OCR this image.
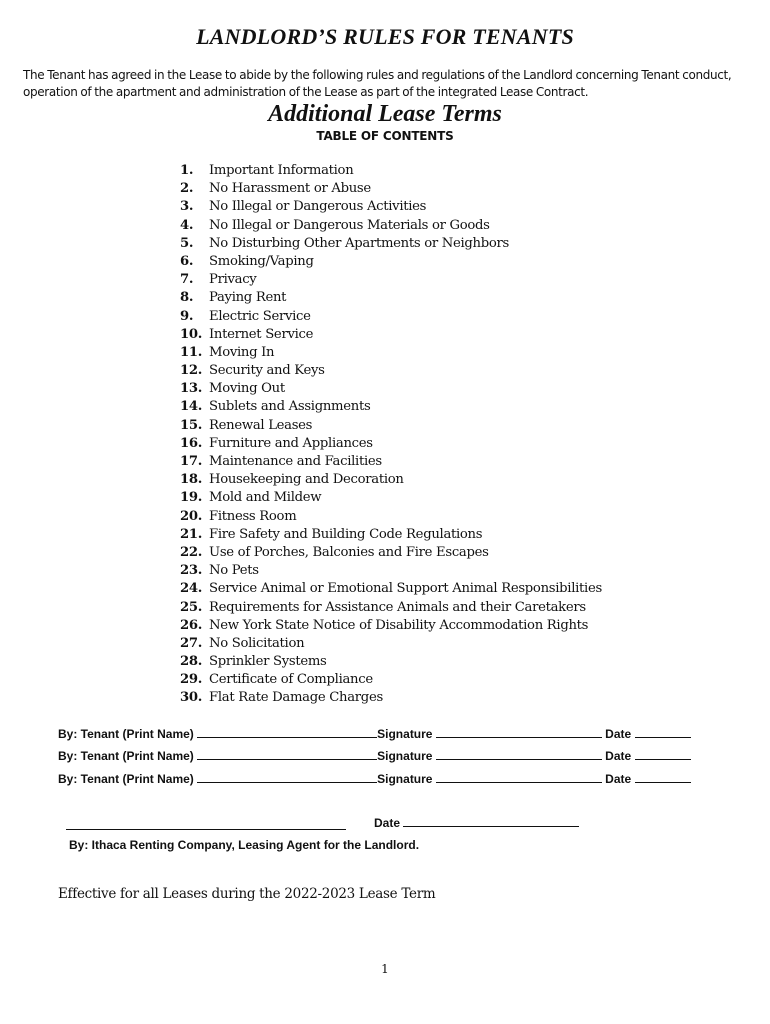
LANDLORD’S RULES FOR TENANTS
The Tenant has agreed in the Lease to abide by the following rules and regulations of the Landlord concerning Tenant conduct, operation of the apartment and administration of the Lease as part of the integrated Lease Contract.
Additional Lease Terms
TABLE OF CONTENTS
1. Important Information
2. No Harassment or Abuse
3. No Illegal or Dangerous Activities
4. No Illegal or Dangerous Materials or Goods
5. No Disturbing Other Apartments or Neighbors
6. Smoking/Vaping
7. Privacy
8. Paying Rent
9. Electric Service
10. Internet Service
11. Moving In
12. Security and Keys
13. Moving Out
14. Sublets and Assignments
15. Renewal Leases
16. Furniture and Appliances
17. Maintenance and Facilities
18. Housekeeping and Decoration
19. Mold and Mildew
20. Fitness Room
21. Fire Safety and Building Code Regulations
22. Use of Porches, Balconies and Fire Escapes
23. No Pets
24. Service Animal or Emotional Support Animal Responsibilities
25. Requirements for Assistance Animals and their Caretakers
26. New York State Notice of Disability Accommodation Rights
27. No Solicitation
28. Sprinkler Systems
29. Certificate of Compliance
30. Flat Rate Damage Charges
By: Tenant (Print Name)	Signature	Date
By: Tenant (Print Name)	Signature	Date
By: Tenant (Print Name)	Signature	Date
Date
By: Ithaca Renting Company, Leasing Agent for the Landlord.
Effective for all Leases during the 2022-2023 Lease Term
1
